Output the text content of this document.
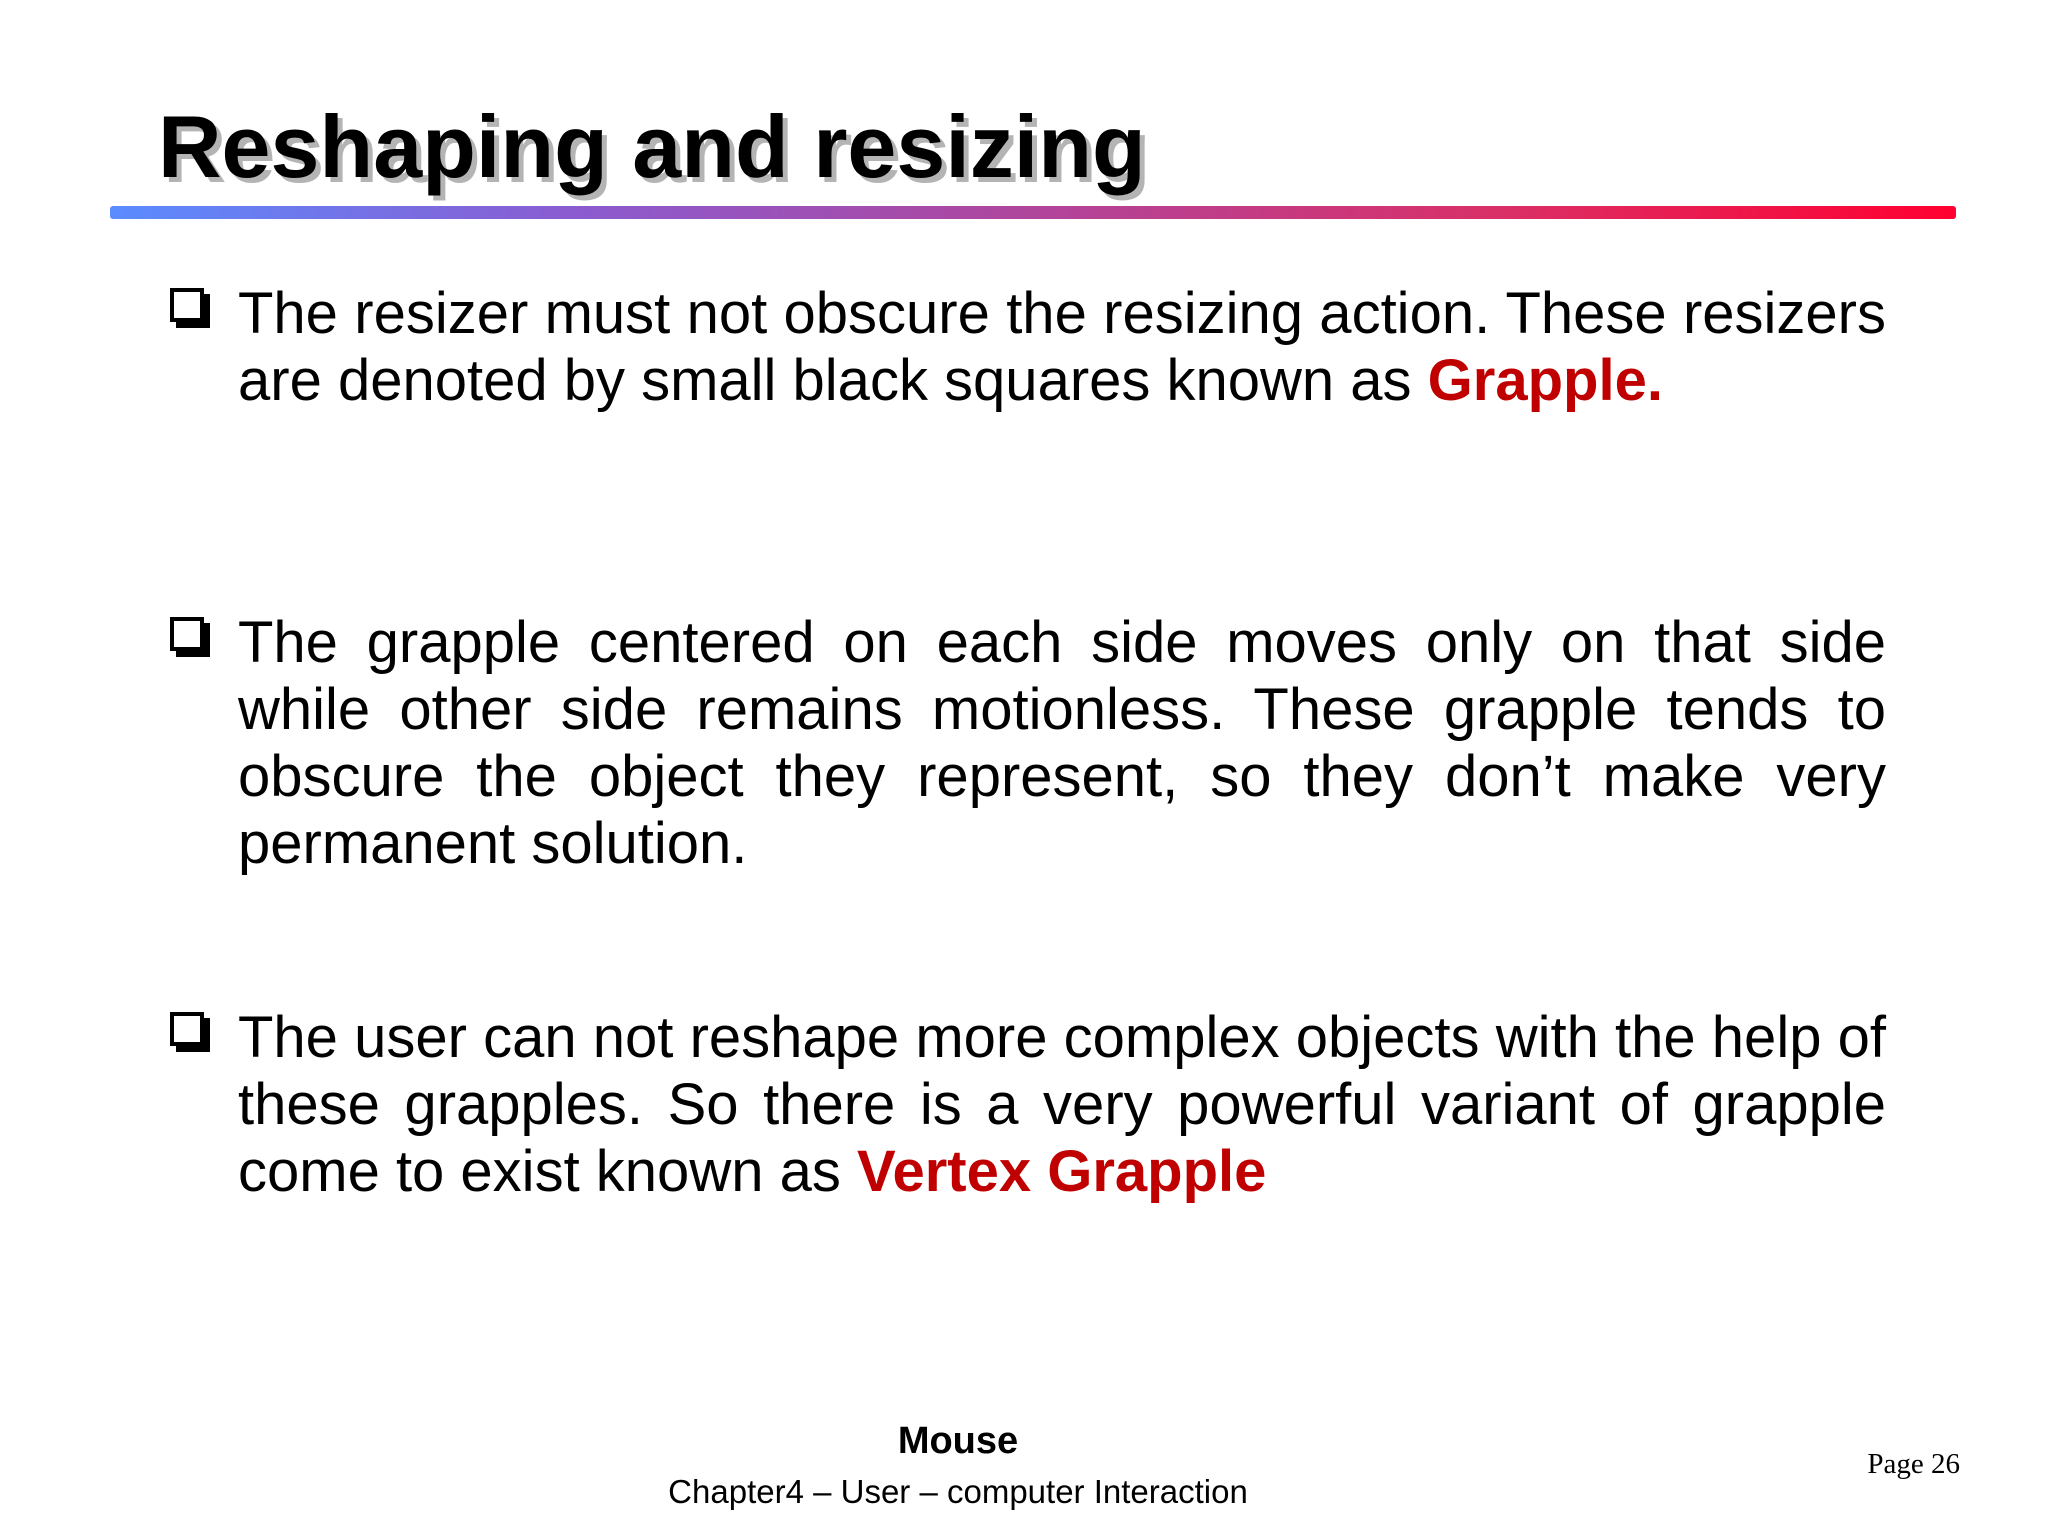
Reshaping and resizing
The resizer must not obscure the resizing action. These resizers are denoted by small black squares known as Grapple.
The grapple centered on each side moves only on that side while other side remains motionless. These grapple tends to obscure the object they represent, so they don’t make very permanent solution.
The user can not reshape more complex objects with the help of these grapples. So there is a very powerful variant of grapple come to exist known as Vertex Grapple
Mouse
Chapter4 – User – computer Interaction
Page 26
